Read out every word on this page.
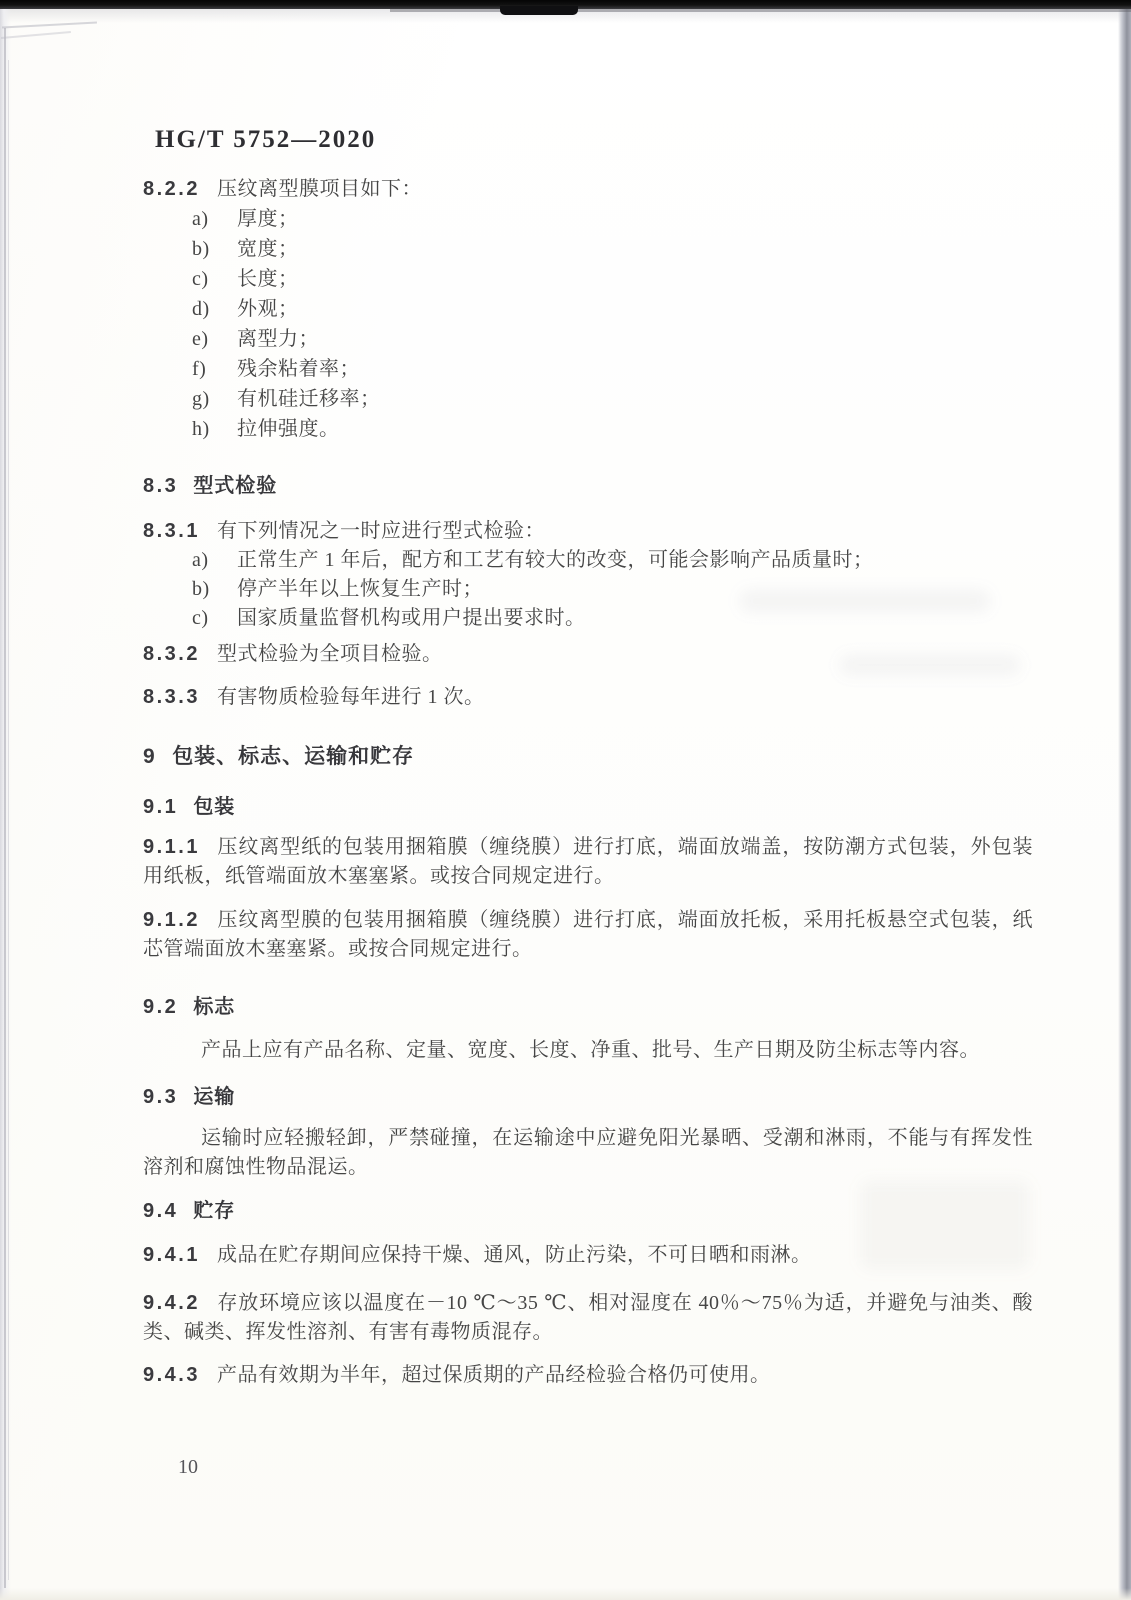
HG/T 5752—2020
8.2.2 压纹离型膜项目如下：
a) 厚度；
b) 宽度；
c) 长度；
d) 外观；
e) 离型力；
f) 残余粘着率；
g) 有机硅迁移率；
h) 拉伸强度。
8.3 型式检验
8.3.1 有下列情况之一时应进行型式检验：
a) 正常生产 1 年后，配方和工艺有较大的改变，可能会影响产品质量时；
b) 停产半年以上恢复生产时；
c) 国家质量监督机构或用户提出要求时。
8.3.2 型式检验为全项目检验。
8.3.3 有害物质检验每年进行 1 次。
9 包装、标志、运输和贮存
9.1 包装
9.1.1 压纹离型纸的包装用捆箱膜（缠绕膜）进行打底，端面放端盖，按防潮方式包装，外包装用纸板，纸管端面放木塞塞紧。或按合同规定进行。
9.1.2 压纹离型膜的包装用捆箱膜（缠绕膜）进行打底，端面放托板，采用托板悬空式包装，纸芯管端面放木塞塞紧。或按合同规定进行。
9.2 标志
产品上应有产品名称、定量、宽度、长度、净重、批号、生产日期及防尘标志等内容。
9.3 运输
运输时应轻搬轻卸，严禁碰撞，在运输途中应避免阳光暴晒、受潮和淋雨，不能与有挥发性溶剂和腐蚀性物品混运。
9.4 贮存
9.4.1 成品在贮存期间应保持干燥、通风，防止污染，不可日晒和雨淋。
9.4.2 存放环境应该以温度在－10 ℃～35 ℃、相对湿度在 40％～75％为适，并避免与油类、酸类、碱类、挥发性溶剂、有害有毒物质混存。
9.4.3 产品有效期为半年，超过保质期的产品经检验合格仍可使用。
10
